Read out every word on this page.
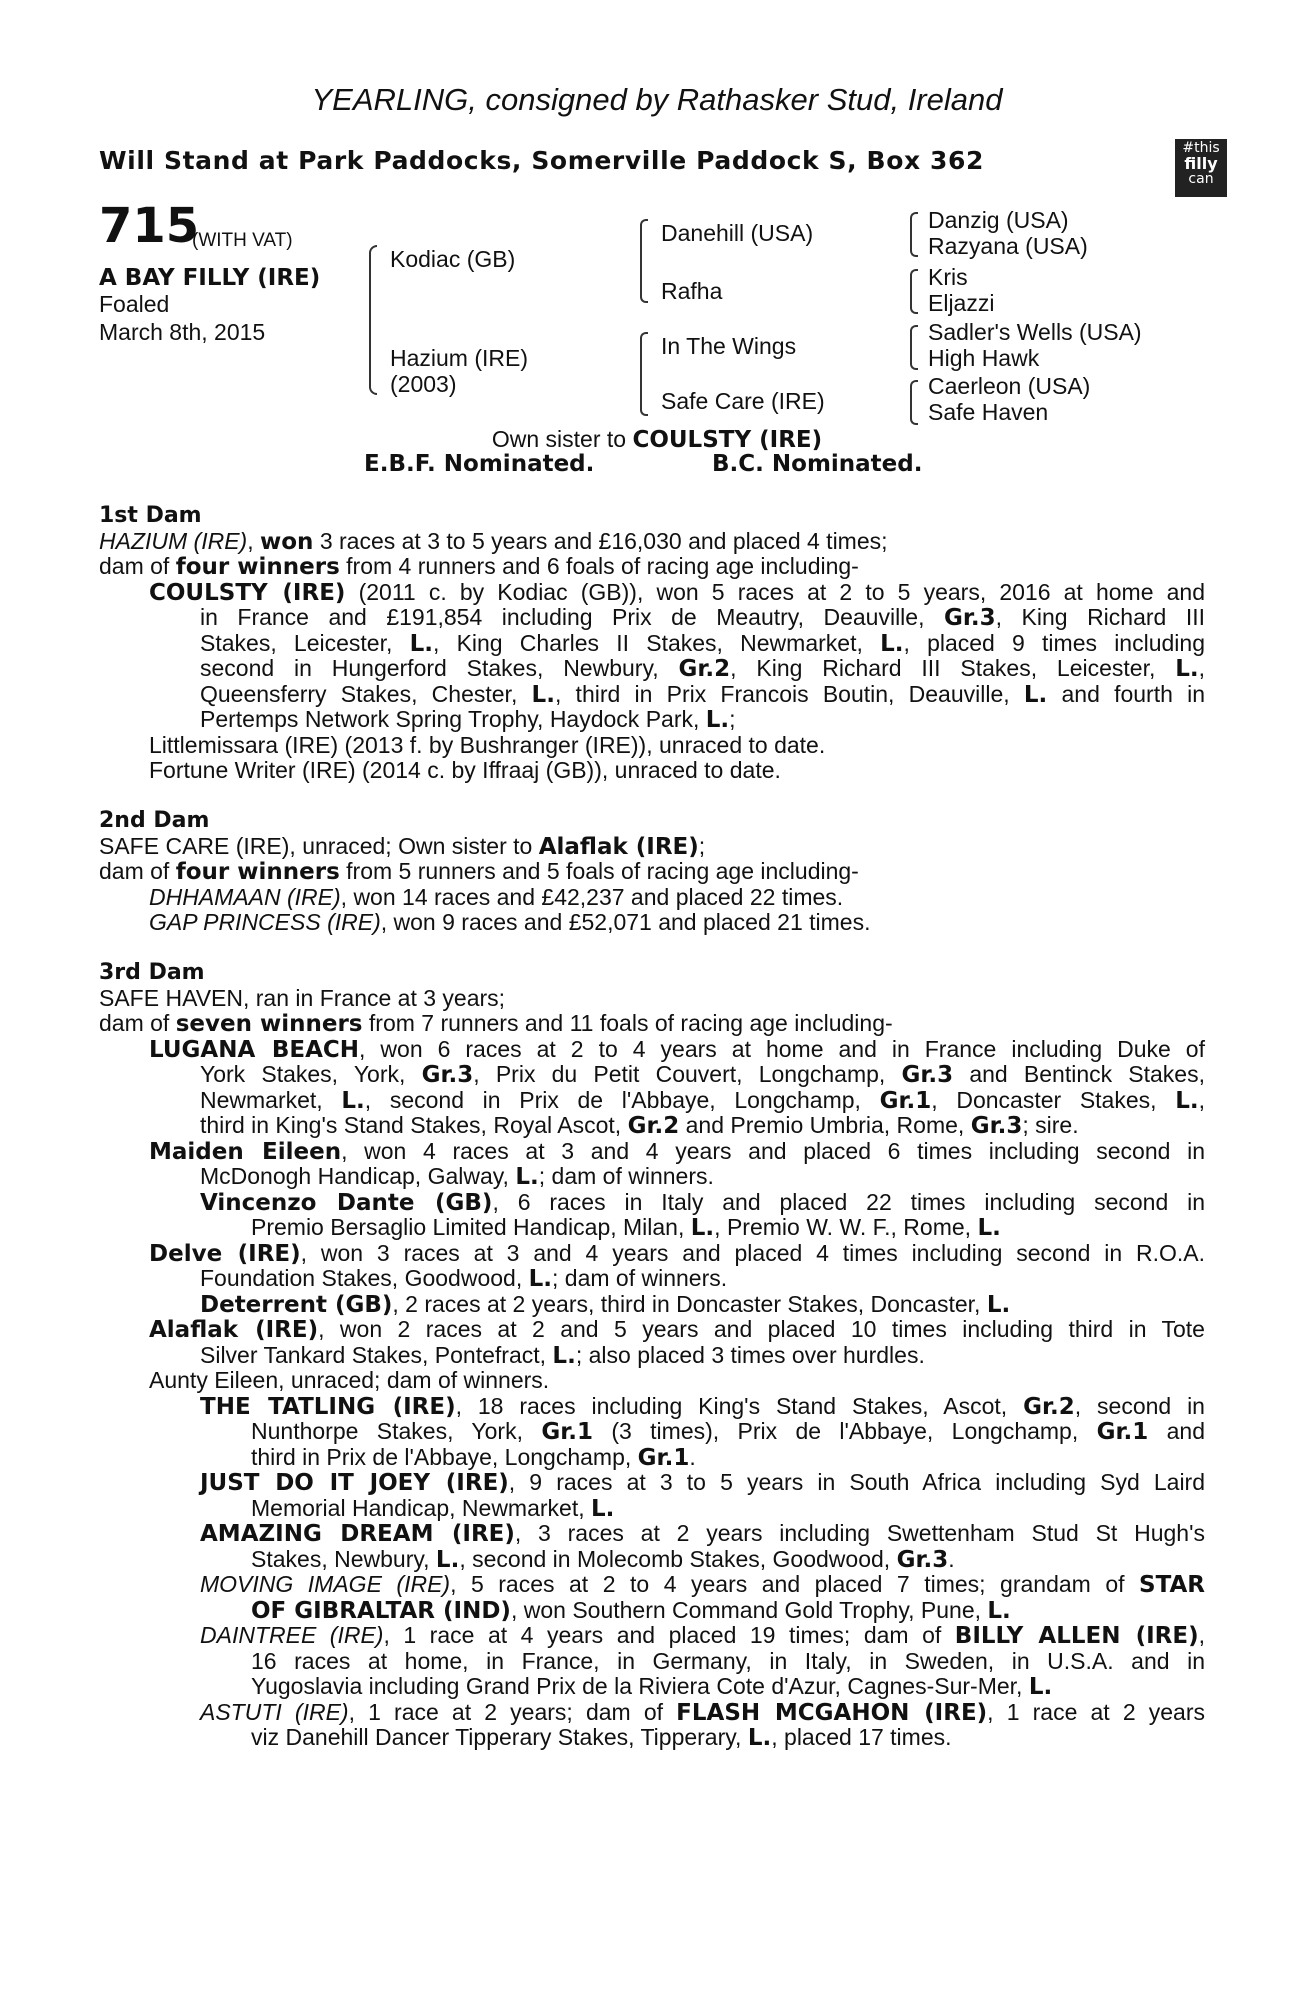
YEARLING, consigned by Rathasker Stud, Ireland
Will Stand at Park Paddocks, Somerville Paddock S, Box 362	#this
filly
can
715
(WITH VAT)
A BAY FILLY (IRE)
Foaled
March 8th, 2015
Kodiac (GB)
Hazium (IRE)
(2003)
Danehill (USA)
Rafha
In The Wings
Safe Care (IRE)
Danzig (USA)
Razyana (USA)
Kris
Eljazzi
Sadler's Wells (USA)
High Hawk
Caerleon (USA)
Safe Haven
Own sister to COULSTY (IRE)
E.B.F. Nominated.	B.C. Nominated.
1st Dam
2nd Dam
3rd Dam
HAZIUM (IRE), won 3 races at 3 to 5 years and £16,030 and placed 4 times;
dam of four winners from 4 runners and 6 foals of racing age including-
COULSTY (IRE) (2011 c. by Kodiac (GB)), won 5 races at 2 to 5 years, 2016 at home and
in France and £191,854 including Prix de Meautry, Deauville, Gr.3, King Richard III
Stakes, Leicester, L., King Charles II Stakes, Newmarket, L., placed 9 times including
second in Hungerford Stakes, Newbury, Gr.2, King Richard III Stakes, Leicester, L.,
Queensferry Stakes, Chester, L., third in Prix Francois Boutin, Deauville, L. and fourth in
Pertemps Network Spring Trophy, Haydock Park, L.;
Littlemissara (IRE) (2013 f. by Bushranger (IRE)), unraced to date.
Fortune Writer (IRE) (2014 c. by Iffraaj (GB)), unraced to date.
SAFE CARE (IRE), unraced; Own sister to Alaflak (IRE);
dam of four winners from 5 runners and 5 foals of racing age including-
DHHAMAAN (IRE), won 14 races and £42,237 and placed 22 times.
GAP PRINCESS (IRE), won 9 races and £52,071 and placed 21 times.
SAFE HAVEN, ran in France at 3 years;
dam of seven winners from 7 runners and 11 foals of racing age including-
LUGANA BEACH, won 6 races at 2 to 4 years at home and in France including Duke of
York Stakes, York, Gr.3, Prix du Petit Couvert, Longchamp, Gr.3 and Bentinck Stakes,
Newmarket, L., second in Prix de l'Abbaye, Longchamp, Gr.1, Doncaster Stakes, L.,
third in King's Stand Stakes, Royal Ascot, Gr.2 and Premio Umbria, Rome, Gr.3; sire.
Maiden Eileen, won 4 races at 3 and 4 years and placed 6 times including second in
McDonogh Handicap, Galway, L.; dam of winners.
Vincenzo Dante (GB), 6 races in Italy and placed 22 times including second in
Premio Bersaglio Limited Handicap, Milan, L., Premio W. W. F., Rome, L.
Delve (IRE), won 3 races at 3 and 4 years and placed 4 times including second in R.O.A.
Foundation Stakes, Goodwood, L.; dam of winners.
Deterrent (GB), 2 races at 2 years, third in Doncaster Stakes, Doncaster, L.
Alaflak (IRE), won 2 races at 2 and 5 years and placed 10 times including third in Tote
Silver Tankard Stakes, Pontefract, L.; also placed 3 times over hurdles.
Aunty Eileen, unraced; dam of winners.
THE TATLING (IRE), 18 races including King's Stand Stakes, Ascot, Gr.2, second in
Nunthorpe Stakes, York, Gr.1 (3 times), Prix de l'Abbaye, Longchamp, Gr.1 and
third in Prix de l'Abbaye, Longchamp, Gr.1.
JUST DO IT JOEY (IRE), 9 races at 3 to 5 years in South Africa including Syd Laird
Memorial Handicap, Newmarket, L.
AMAZING DREAM (IRE), 3 races at 2 years including Swettenham Stud St Hugh's
Stakes, Newbury, L., second in Molecomb Stakes, Goodwood, Gr.3.
MOVING IMAGE (IRE), 5 races at 2 to 4 years and placed 7 times; grandam of STAR
OF GIBRALTAR (IND), won Southern Command Gold Trophy, Pune, L.
DAINTREE (IRE), 1 race at 4 years and placed 19 times; dam of BILLY ALLEN (IRE),
16 races at home, in France, in Germany, in Italy, in Sweden, in U.S.A. and in
Yugoslavia including Grand Prix de la Riviera Cote d'Azur, Cagnes-Sur-Mer, L.
ASTUTI (IRE), 1 race at 2 years; dam of FLASH MCGAHON (IRE), 1 race at 2 years
viz Danehill Dancer Tipperary Stakes, Tipperary, L., placed 17 times.
